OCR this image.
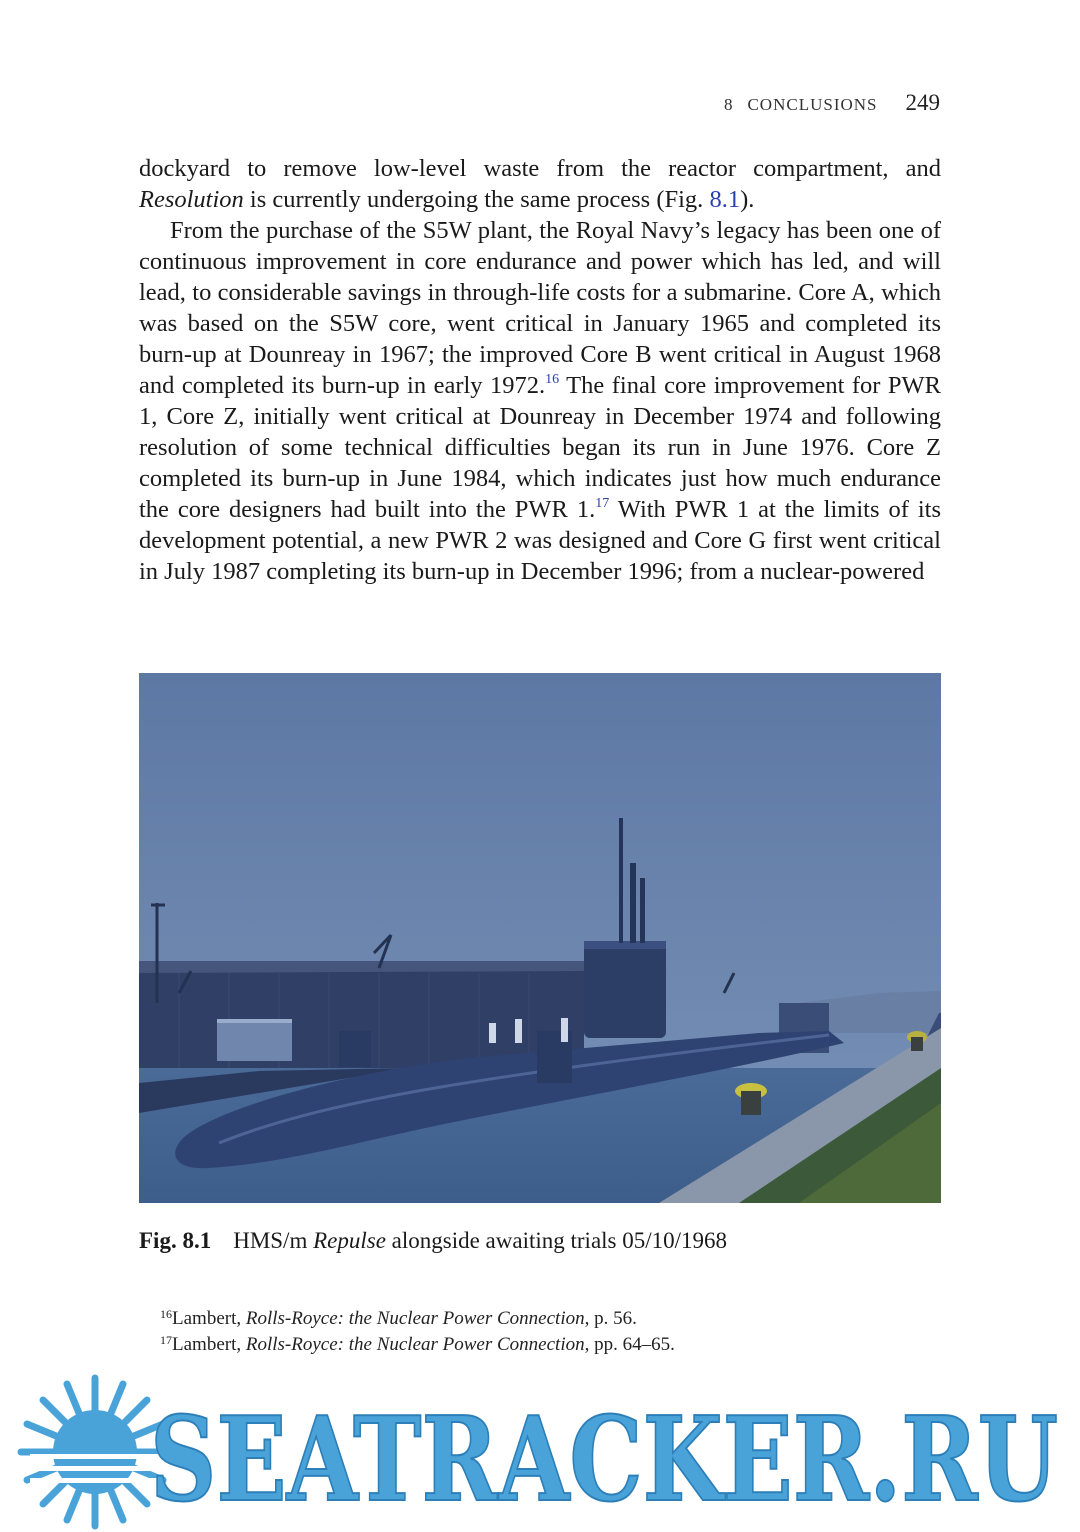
8 CONCLUSIONS 249

dockyard to remove low-level waste from the reactor compartment, and Resolution is currently undergoing the same process (Fig. 8.1).

From the purchase of the S5W plant, the Royal Navy’s legacy has been one of continuous improvement in core endurance and power which has led, and will lead, to considerable savings in through-life costs for a submarine. Core A, which was based on the S5W core, went critical in January 1965 and completed its burn-up at Dounreay in 1967; the improved Core B went critical in August 1968 and completed its burn-up in early 1972.16 The final core improvement for PWR 1, Core Z, initially went critical at Dounreay in December 1974 and following resolution of some technical difficulties began its run in June 1976. Core Z completed its burn-up in June 1984, which indicates just how much endurance the core designers had built into the PWR 1.17 With PWR 1 at the limits of its development potential, a new PWR 2 was designed and Core G first went critical in July 1987 completing its burn-up in December 1996; from a nuclear-powered

Fig. 8.1 HMS/m Repulse alongside awaiting trials 05/10/1968
$^{16}$Lambert, Rolls-Royce: the Nuclear Power Connection, p. 56.
$^{17}$Lambert, Rolls-Royce: the Nuclear Power Connection, pp. 64–65.
SEATRACKER.RU
